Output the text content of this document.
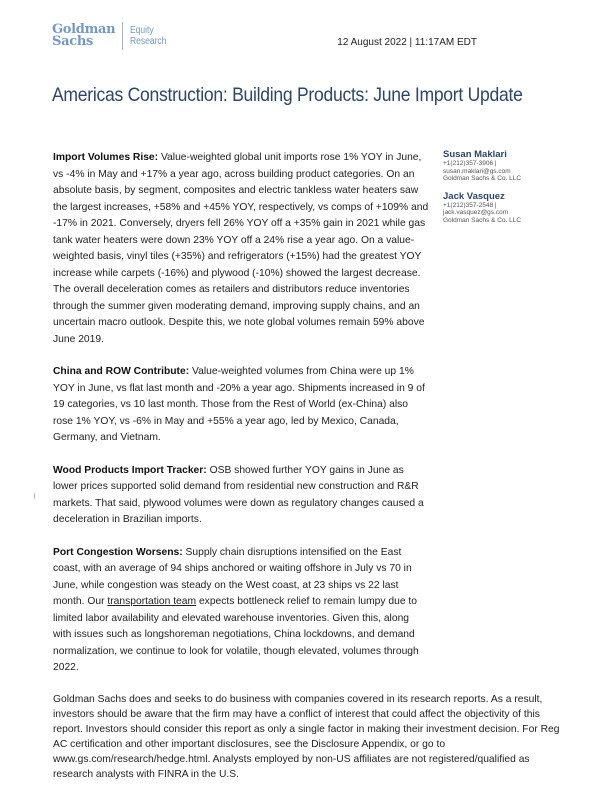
Goldman
Sachs
Equity
Research	12 August 2022 | 11:17AM EDT
Americas Construction: Building Products: June Import Update

Import Volumes Rise: Value-weighted global unit imports rose 1% YOY in June, vs -4% in May and +17% a year ago, across building product categories. On an absolute basis, by segment, composites and electric tankless water heaters saw the largest increases, +58% and +45% YOY, respectively, vs comps of +109% and -17% in 2021. Conversely, dryers fell 26% YOY off a +35% gain in 2021 while gas tank water heaters were down 23% YOY off a 24% rise a year ago. On a value-weighted basis, vinyl tiles (+35%) and refrigerators (+15%) had the greatest YOY increase while carpets (-16%) and plywood (-10%) showed the largest decrease. The overall deceleration comes as retailers and distributors reduce inventories through the summer given moderating demand, improving supply chains, and an uncertain macro outlook. Despite this, we note global volumes remain 59% above June 2019.

China and ROW Contribute: Value-weighted volumes from China were up 1% YOY in June, vs flat last month and -20% a year ago. Shipments increased in 9 of 19 categories, vs 10 last month. Those from the Rest of World (ex-China) also rose 1% YOY, vs -6% in May and +55% a year ago, led by Mexico, Canada, Germany, and Vietnam.

Wood Products Import Tracker: OSB showed further YOY gains in June as lower prices supported solid demand from residential new construction and R&R markets. That said, plywood volumes were down as regulatory changes caused a deceleration in Brazilian imports.

Port Congestion Worsens: Supply chain disruptions intensified on the East coast, with an average of 94 ships anchored or waiting offshore in July vs 70 in June, while congestion was steady on the West coast, at 23 ships vs 22 last month. Our transportation team expects bottleneck relief to remain lumpy due to limited labor availability and elevated warehouse inventories. Given this, along with issues such as longshoreman negotiations, China lockdowns, and demand normalization, we continue to look for volatile, though elevated, volumes through 2022.

Susan Maklari
+1(212)357-3906 |
susan.maklari@gs.com
Goldman Sachs & Co. LLC
Jack Vasquez
+1(212)357-2548 |
jack.vasquez@gs.com
Goldman Sachs & Co. LLC
Goldman Sachs does and seeks to do business with companies covered in its research reports. As a result, investors should be aware that the firm may have a conflict of interest that could affect the objectivity of this report. Investors should consider this report as only a single factor in making their investment decision. For Reg AC certification and other important disclosures, see the Disclosure Appendix, or go to www.gs.com/research/hedge.html. Analysts employed by non-US affiliates are not registered/qualified as research analysts with FINRA in the U.S.
